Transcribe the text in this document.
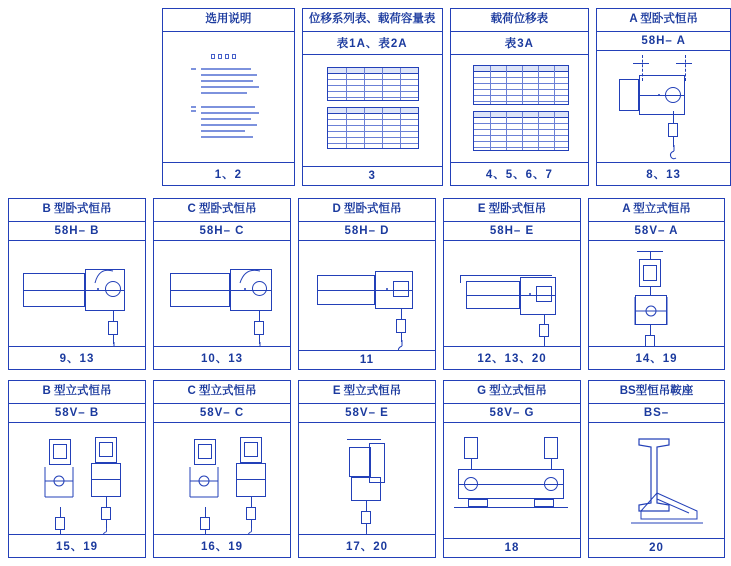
选用说明
1、2
位移系列表、载荷容量表
表1A、表2A
3
载荷位移表
表3A
4、5、6、7
A 型卧式恒吊
58H– A
8、13
B 型卧式恒吊
58H– B
9、13
C 型卧式恒吊
58H– C
10、13
D 型卧式恒吊
58H– D
11
E 型卧式恒吊
58H– E
12、13、20
A 型立式恒吊
58V– A
14、19
B 型立式恒吊
58V– B
15、19
C 型立式恒吊
58V– C
16、19
E 型立式恒吊
58V– E
17、20
G 型立式恒吊
58V– G
18
BS型恒吊鞍座
BS–
20
